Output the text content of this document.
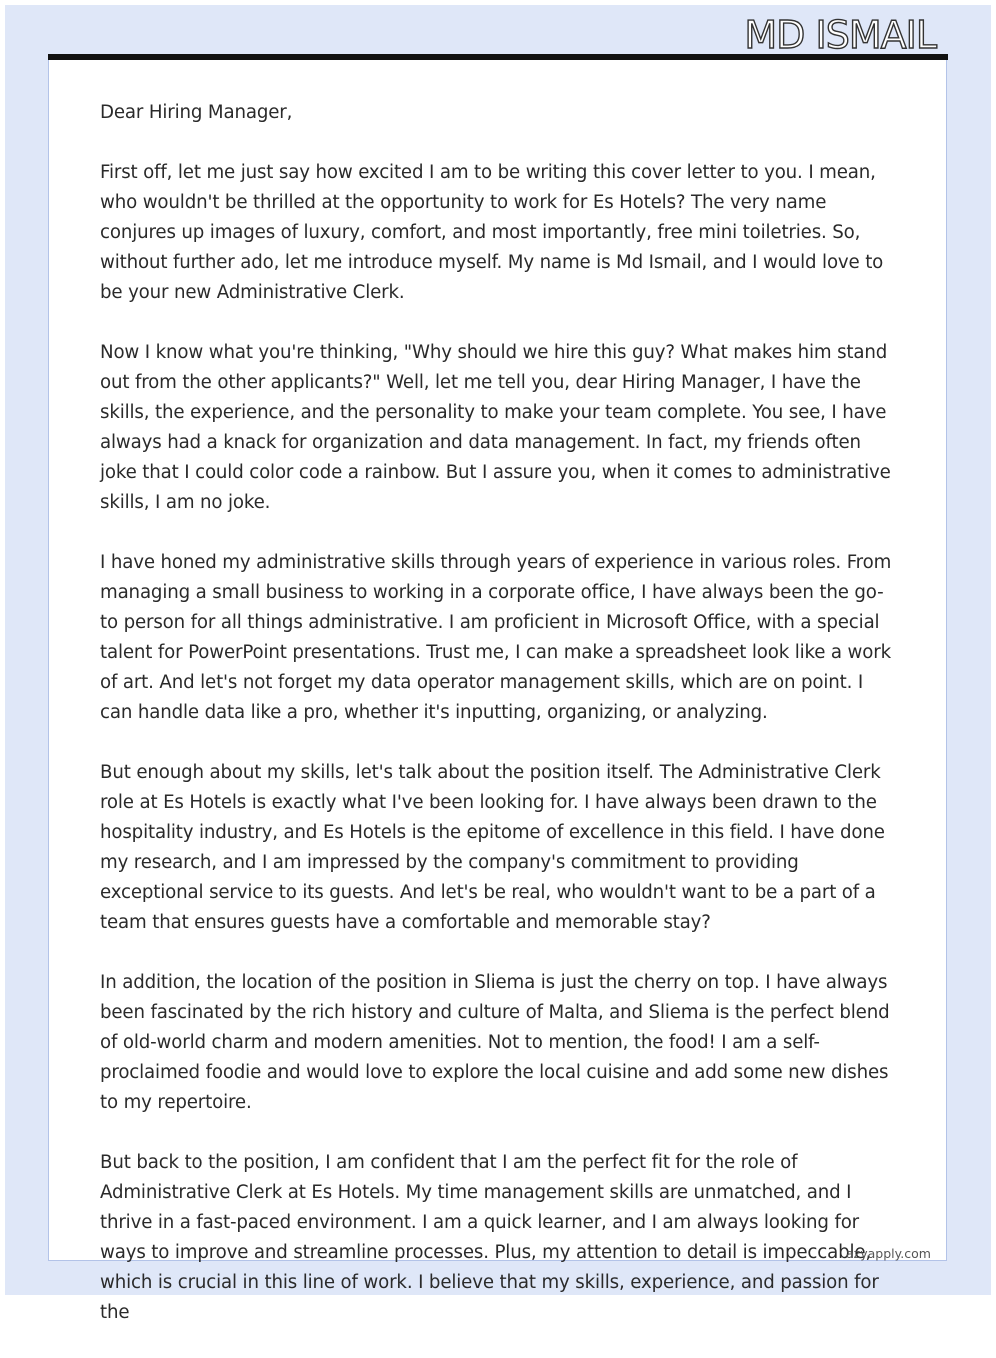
MD ISMAIL

Dear Hiring Manager,

First off, let me just say how excited I am to be writing this cover letter to you. I mean, who wouldn't be thrilled at the opportunity to work for Es Hotels? The very name conjures up images of luxury, comfort, and most importantly, free mini toiletries. So, without further ado, let me introduce myself. My name is Md Ismail, and I would love to be your new Administrative Clerk.

Now I know what you're thinking, "Why should we hire this guy? What makes him stand out from the other applicants?" Well, let me tell you, dear Hiring Manager, I have the skills, the experience, and the personality to make your team complete. You see, I have always had a knack for organization and data management. In fact, my friends often joke that I could color code a rainbow. But I assure you, when it comes to administrative skills, I am no joke.

I have honed my administrative skills through years of experience in various roles. From managing a small business to working in a corporate office, I have always been the go-to person for all things administrative. I am proficient in Microsoft Office, with a special talent for PowerPoint presentations. Trust me, I can make a spreadsheet look like a work of art. And let's not forget my data operator management skills, which are on point. I can handle data like a pro, whether it's inputting, organizing, or analyzing.

But enough about my skills, let's talk about the position itself. The Administrative Clerk role at Es Hotels is exactly what I've been looking for. I have always been drawn to the hospitality industry, and Es Hotels is the epitome of excellence in this field. I have done my research, and I am impressed by the company's commitment to providing exceptional service to its guests. And let's be real, who wouldn't want to be a part of a team that ensures guests have a comfortable and memorable stay?

In addition, the location of the position in Sliema is just the cherry on top. I have always been fascinated by the rich history and culture of Malta, and Sliema is the perfect blend of old-world charm and modern amenities. Not to mention, the food! I am a self-proclaimed foodie and would love to explore the local cuisine and add some new dishes to my repertoire.

But back to the position, I am confident that I am the perfect fit for the role of Administrative Clerk at Es Hotels. My time management skills are unmatched, and I thrive in a fast-paced environment. I am a quick learner, and I am always looking for ways to improve and streamline processes. Plus, my attention to detail is impeccable, which is crucial in this line of work. I believe that my skills, experience, and passion for the

azyapply.com
